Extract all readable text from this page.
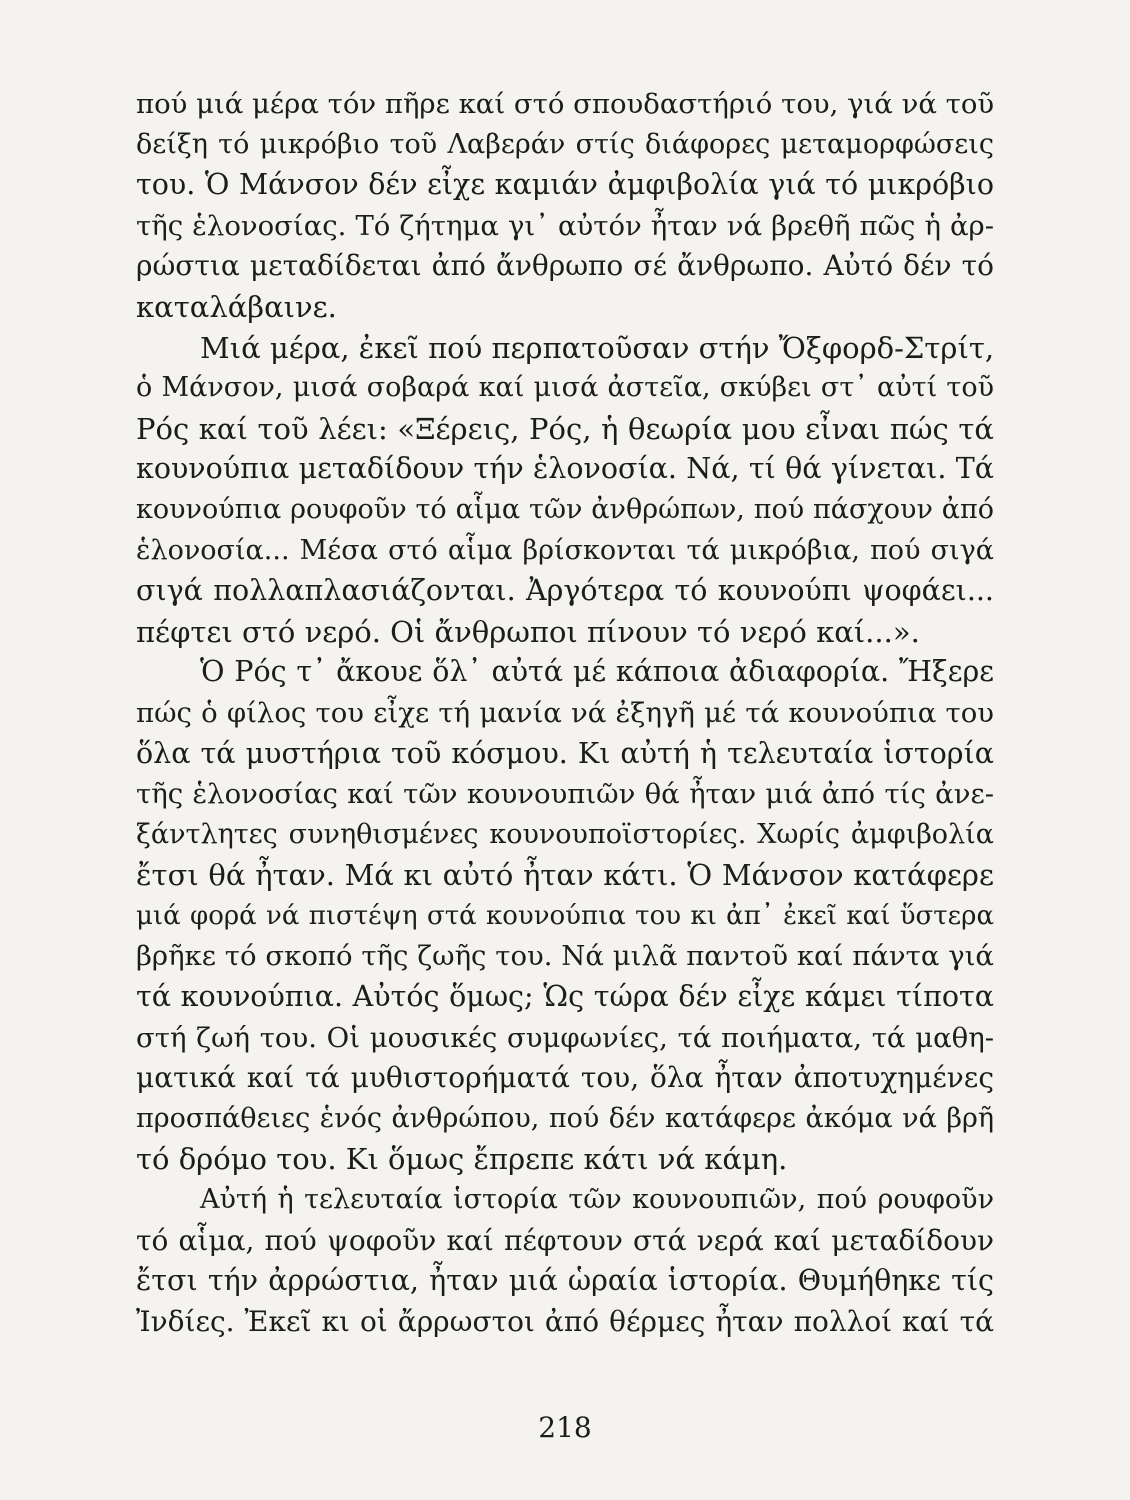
πού μιά μέρα τόν πῆρε καί στό σπουδαστήριό του, γιά νά τοῦ
δείξη τό μικρόβιο τοῦ Λαβεράν στίς διάφορες μεταμορφώσεις
του. Ὁ Μάνσον δέν εἶχε καμιάν ἀμφιβολία γιά τό μικρόβιο
τῆς ἑλονοσίας. Τό ζήτημα γι᾽ αὐτόν ἦταν νά βρεθῆ πῶς ἡ ἀρ-
ρώστια μεταδίδεται ἀπό ἄνθρωπο σέ ἄνθρωπο. Αὐτό δέν τό
καταλάβαινε.
Μιά μέρα, ἐκεῖ πού περπατοῦσαν στήν Ὄξφορδ-Στρίτ,
ὁ Μάνσον, μισά σοβαρά καί μισά ἀστεῖα, σκύβει στ᾽ αὐτί τοῦ
Ρός καί τοῦ λέει: «Ξέρεις, Ρός, ἡ θεωρία μου εἶναι πώς τά
κουνούπια μεταδίδουν τήν ἑλονοσία. Νά, τί θά γίνεται. Τά
κουνούπια ρουφοῦν τό αἷμα τῶν ἀνθρώπων, πού πάσχουν ἀπό
ἑλονοσία... Μέσα στό αἷμα βρίσκονται τά μικρόβια, πού σιγά
σιγά πολλαπλασιάζονται. Ἀργότερα τό κουνούπι ψοφάει...
πέφτει στό νερό. Οἱ ἄνθρωποι πίνουν τό νερό καί...».
Ὁ Ρός τ᾽ ἄκουε ὅλ᾽ αὐτά μέ κάποια ἀδιαφορία. Ἤξερε
πώς ὁ φίλος του εἶχε τή μανία νά ἐξηγῆ μέ τά κουνούπια του
ὅλα τά μυστήρια τοῦ κόσμου. Κι αὐτή ἡ τελευταία ἱστορία
τῆς ἑλονοσίας καί τῶν κουνουπιῶν θά ἦταν μιά ἀπό τίς ἀνε-
ξάντλητες συνηθισμένες κουνουποϊστορίες. Χωρίς ἀμφιβολία
ἔτσι θά ἦταν. Μά κι αὐτό ἦταν κάτι. Ὁ Μάνσον κατάφερε
μιά φορά νά πιστέψη στά κουνούπια του κι ἀπ᾽ ἐκεῖ καί ὕστερα
βρῆκε τό σκοπό τῆς ζωῆς του. Νά μιλᾶ παντοῦ καί πάντα γιά
τά κουνούπια. Αὐτός ὅμως; Ὡς τώρα δέν εἶχε κάμει τίποτα
στή ζωή του. Οἱ μουσικές συμφωνίες, τά ποιήματα, τά μαθη-
ματικά καί τά μυθιστορήματά του, ὅλα ἦταν ἀποτυχημένες
προσπάθειες ἑνός ἀνθρώπου, πού δέν κατάφερε ἀκόμα νά βρῆ
τό δρόμο του. Κι ὅμως ἔπρεπε κάτι νά κάμη.
Αὐτή ἡ τελευταία ἱστορία τῶν κουνουπιῶν, πού ρουφοῦν
τό αἷμα, πού ψοφοῦν καί πέφτουν στά νερά καί μεταδίδουν
ἔτσι τήν ἀρρώστια, ἦταν μιά ὡραία ἱστορία. Θυμήθηκε τίς
Ἰνδίες. Ἐκεῖ κι οἱ ἄρρωστοι ἀπό θέρμες ἦταν πολλοί καί τά
218
